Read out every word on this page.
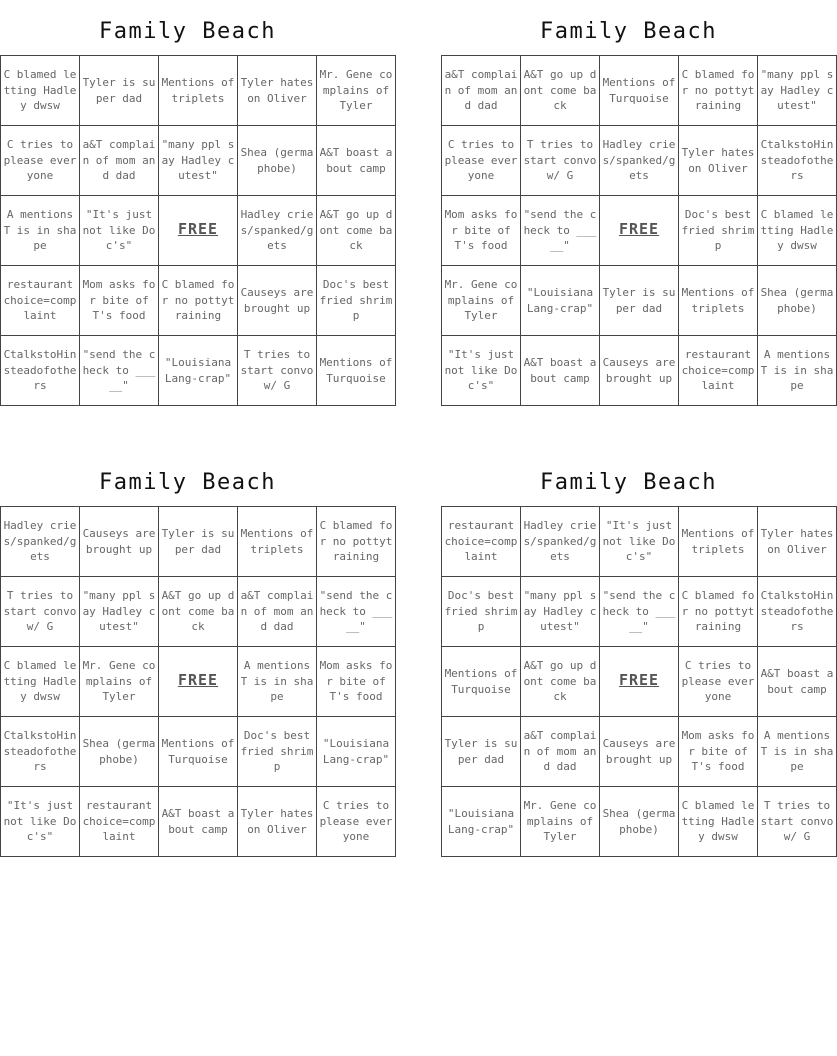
Family Beach
C blamed letting Hadley dwsw	Tyler is super dad	Mentions of triplets	Tyler hates on Oliver	Mr. Gene complains of Tyler
C tries to please everyone	a&T complain of mom and dad	"many ppl say Hadley cutest"	Shea (germaphobe)	A&T boast about camp
A mentions T is in shape	"It's just not like Doc's"	FREE	Hadley cries/spanked/gets	A&T go up dont come back
restaurant choice=complaint	Mom asks for bite of T's food	C blamed for no pottytraining	Causeys are brought up	Doc's best fried shrimp
CtalkstoHinsteadofothers	"send the check to _____"	"Louisiana Lang-crap"	T tries to start convo w/ G	Mentions of Turquoise
Family Beach
a&T complain of mom and dad	A&T go up dont come back	Mentions of Turquoise	C blamed for no pottytraining	"many ppl say Hadley cutest"
C tries to please everyone	T tries to start convo w/ G	Hadley cries/spanked/gets	Tyler hates on Oliver	CtalkstoHinsteadofothers
Mom asks for bite of T's food	"send the check to _____"	FREE	Doc's best fried shrimp	C blamed letting Hadley dwsw
Mr. Gene complains of Tyler	"Louisiana Lang-crap"	Tyler is super dad	Mentions of triplets	Shea (germaphobe)
"It's just not like Doc's"	A&T boast about camp	Causeys are brought up	restaurant choice=complaint	A mentions T is in shape
Family Beach
Hadley cries/spanked/gets	Causeys are brought up	Tyler is super dad	Mentions of triplets	C blamed for no pottytraining
T tries to start convo w/ G	"many ppl say Hadley cutest"	A&T go up dont come back	a&T complain of mom and dad	"send the check to _____"
C blamed letting Hadley dwsw	Mr. Gene complains of Tyler	FREE	A mentions T is in shape	Mom asks for bite of T's food
CtalkstoHinsteadofothers	Shea (germaphobe)	Mentions of Turquoise	Doc's best fried shrimp	"Louisiana Lang-crap"
"It's just not like Doc's"	restaurant choice=complaint	A&T boast about camp	Tyler hates on Oliver	C tries to please everyone
Family Beach
restaurant choice=complaint	Hadley cries/spanked/gets	"It's just not like Doc's"	Mentions of triplets	Tyler hates on Oliver
Doc's best fried shrimp	"many ppl say Hadley cutest"	"send the check to _____"	C blamed for no pottytraining	CtalkstoHinsteadofothers
Mentions of Turquoise	A&T go up dont come back	FREE	C tries to please everyone	A&T boast about camp
Tyler is super dad	a&T complain of mom and dad	Causeys are brought up	Mom asks for bite of T's food	A mentions T is in shape
"Louisiana Lang-crap"	Mr. Gene complains of Tyler	Shea (germaphobe)	C blamed letting Hadley dwsw	T tries to start convo w/ G
